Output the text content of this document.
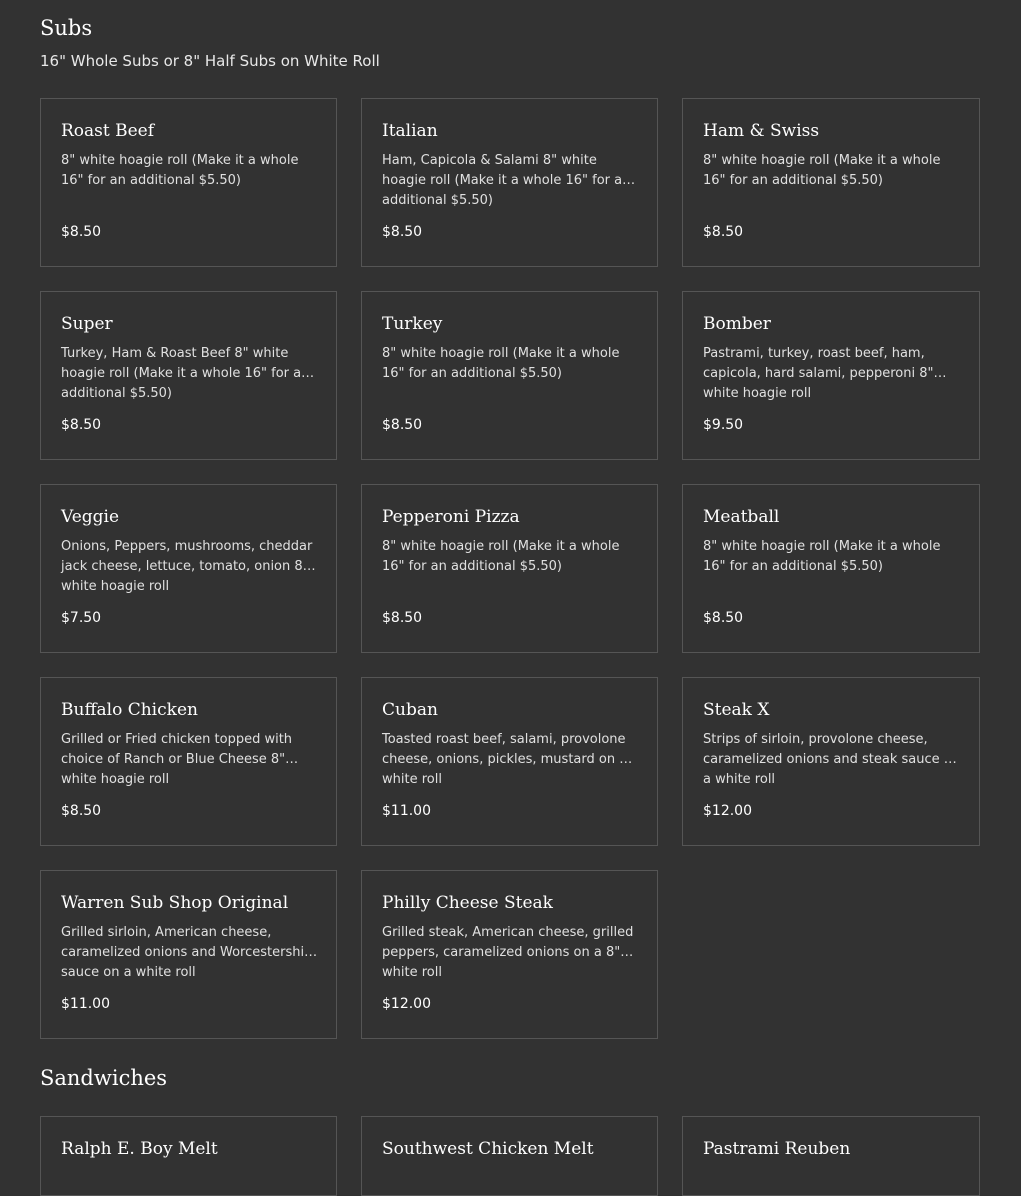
Subs

16" Whole Subs or 8" Half Subs on White Roll

Roast Beef
8" white hoagie roll (Make it a whole 16" for an additional $5.50)
$8.50
Italian
Ham, Capicola & Salami 8" white hoagie roll (Make it a whole 16" for an additional $5.50)
$8.50
Ham & Swiss
8" white hoagie roll (Make it a whole 16" for an additional $5.50)
$8.50
Super
Turkey, Ham & Roast Beef 8" white hoagie roll (Make it a whole 16" for an additional $5.50)
$8.50
Turkey
8" white hoagie roll (Make it a whole 16" for an additional $5.50)
$8.50
Bomber
Pastrami, turkey, roast beef, ham, capicola, hard salami, pepperoni 8" white hoagie roll
$9.50
Veggie
Onions, Peppers, mushrooms, cheddar jack cheese, lettuce, tomato, onion 8" white hoagie roll
$7.50
Pepperoni Pizza
8" white hoagie roll (Make it a whole 16" for an additional $5.50)
$8.50
Meatball
8" white hoagie roll (Make it a whole 16" for an additional $5.50)
$8.50
Buffalo Chicken
Grilled or Fried chicken topped with choice of Ranch or Blue Cheese 8" white hoagie roll
$8.50
Cuban
Toasted roast beef, salami, provolone cheese, onions, pickles, mustard on a white roll
$11.00
Steak X
Strips of sirloin, provolone cheese, caramelized onions and steak sauce on a white roll
$12.00
Warren Sub Shop Original
Grilled sirloin, American cheese, caramelized onions and Worcestershire sauce on a white roll
$11.00
Philly Cheese Steak
Grilled steak, American cheese, grilled peppers, caramelized onions on a 8" white roll
$12.00
Sandwiches
Ralph E. Boy Melt	Southwest Chicken Melt	Pastrami Reuben
